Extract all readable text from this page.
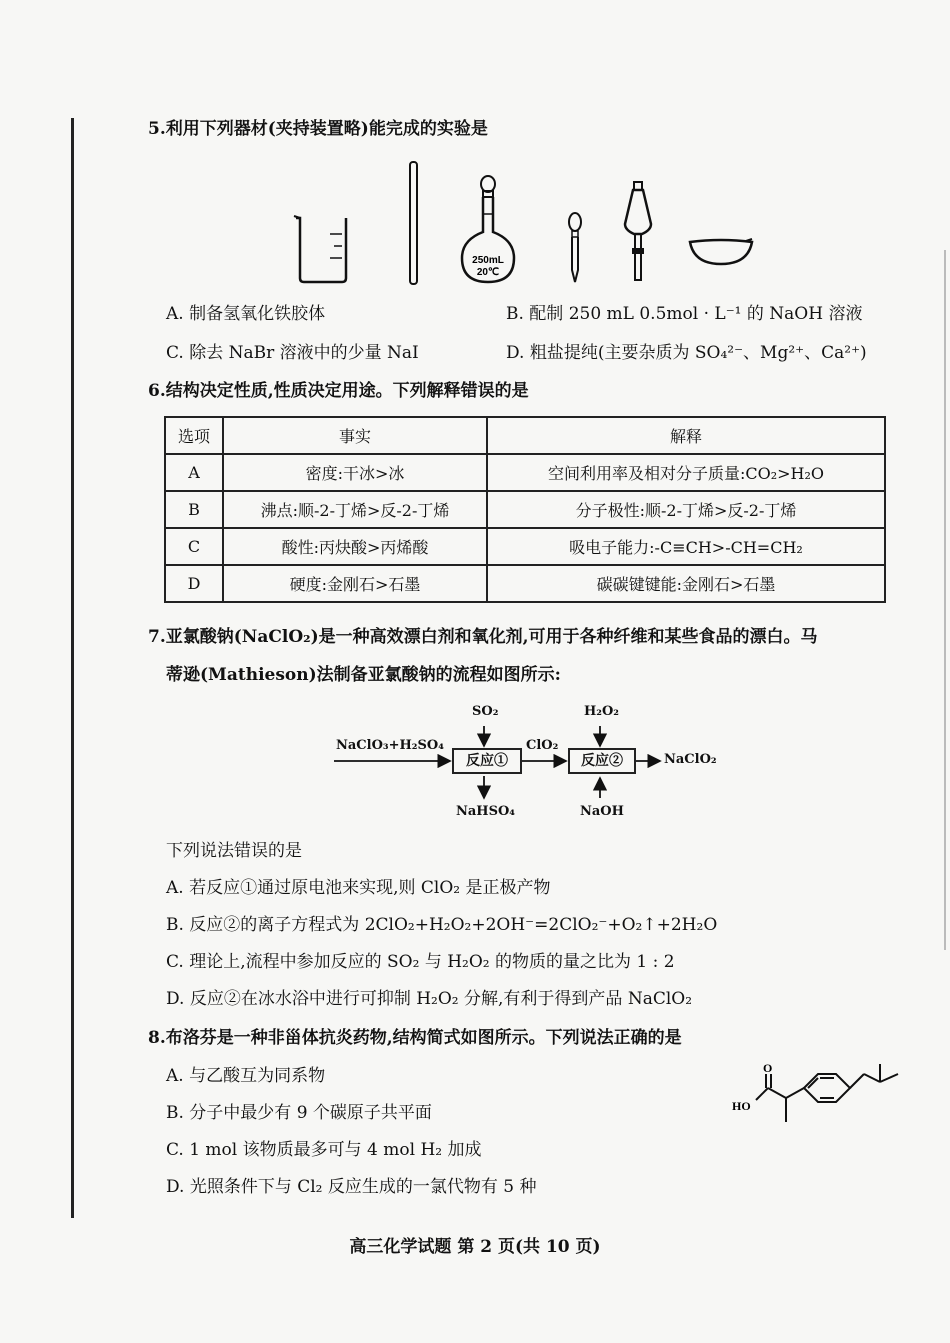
5.利用下列器材(夹持装置略)能完成的实验是
250mL
20℃
A. 制备氢氧化铁胶体	B. 配制 250 mL 0.5mol · L⁻¹ 的 NaOH 溶液
C. 除去 NaBr 溶液中的少量 NaI	D. 粗盐提纯(主要杂质为 SO₄²⁻、Mg²⁺、Ca²⁺)
6.结构决定性质,性质决定用途。下列解释错误的是
选项	事实	解释
A	密度:干冰>冰	空间利用率及相对分子质量:CO₂>H₂O
B	沸点:顺-2-丁烯>反-2-丁烯	分子极性:顺-2-丁烯>反-2-丁烯
C	酸性:丙炔酸>丙烯酸	吸电子能力:-C≡CH>-CH=CH₂
D	硬度:金刚石>石墨	碳碳键键能:金刚石>石墨
7.亚氯酸钠(NaClO₂)是一种高效漂白剂和氧化剂,可用于各种纤维和某些食品的漂白。马
蒂逊(Mathieson)法制备亚氯酸钠的流程如图所示:
NaClO₃+H₂SO₄
反应①	反应②
SO₂	H₂O₂
ClO₂
NaHSO₄	NaOH
NaClO₂
下列说法错误的是
A. 若反应①通过原电池来实现,则 ClO₂ 是正极产物
B. 反应②的离子方程式为 2ClO₂+H₂O₂+2OH⁻=2ClO₂⁻+O₂↑+2H₂O
C. 理论上,流程中参加反应的 SO₂ 与 H₂O₂ 的物质的量之比为 1 : 2
D. 反应②在冰水浴中进行可抑制 H₂O₂ 分解,有利于得到产品 NaClO₂
8.布洛芬是一种非甾体抗炎药物,结构简式如图所示。下列说法正确的是
A. 与乙酸互为同系物
B. 分子中最少有 9 个碳原子共平面
C. 1 mol 该物质最多可与 4 mol H₂ 加成
D. 光照条件下与 Cl₂ 反应生成的一氯代物有 5 种
O
HO
高三化学试题 第 2 页(共 10 页)
